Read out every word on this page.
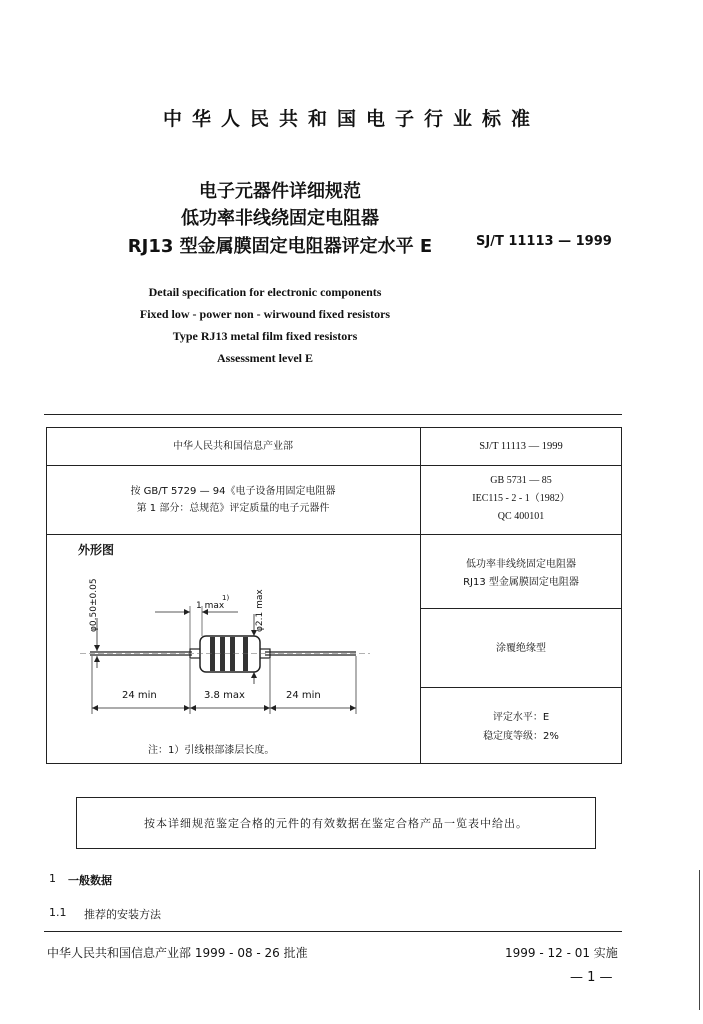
中华人民共和国电子行业标准
电子元器件详细规范
低功率非线绕固定电阻器
RJ13 型金属膜固定电阻器评定水平 E	SJ/T 11113 — 1999
Detail specification for electronic components
Fixed low - power non - wirwound fixed resistors
Type RJ13 metal film fixed resistors
Assessment level E
中华人民共和国信息产业部	SJ/T 11113 — 1999
按 GB/T 5729 — 94《电子设备用固定电阻器
第 1 部分：总规范》评定质量的电子元器件
GB 5731 — 85
IEC115 - 2 - 1（1982）
QC 400101
外形图
φ0.50±0.05	φ2.1 max
1 max
1)
24 min	3.8 max	24 min
注：1）引线根部漆层长度。
低功率非线绕固定电阻器
RJ13 型金属膜固定电阻器
涂覆绝缘型
评定水平：E
稳定度等级：2%
按本详细规范鉴定合格的元件的有效数据在鉴定合格产品一览表中给出。
1 一般数据
1.1 推荐的安装方法
中华人民共和国信息产业部 1999 - 08 - 26 批准	1999 - 12 - 01 实施
— 1 —
